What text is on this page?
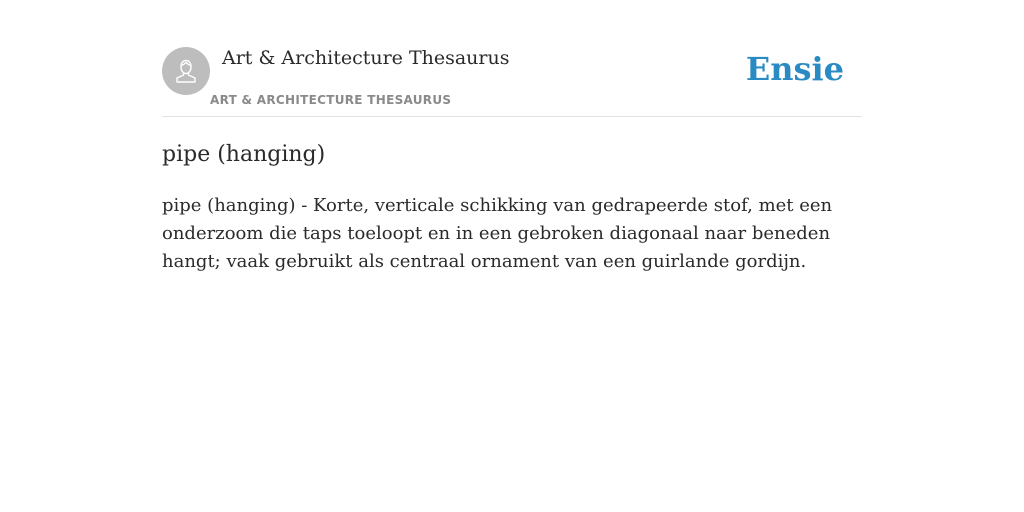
Art & Architecture Thesaurus
ART & ARCHITECTURE THESAURUS
Ensie
pipe (hanging)

pipe (hanging) - Korte, verticale schikking van gedrapeerde stof, met een onderzoom die taps toeloopt en in een gebroken diagonaal naar beneden hangt; vaak gebruikt als centraal ornament van een guirlande gordijn.
